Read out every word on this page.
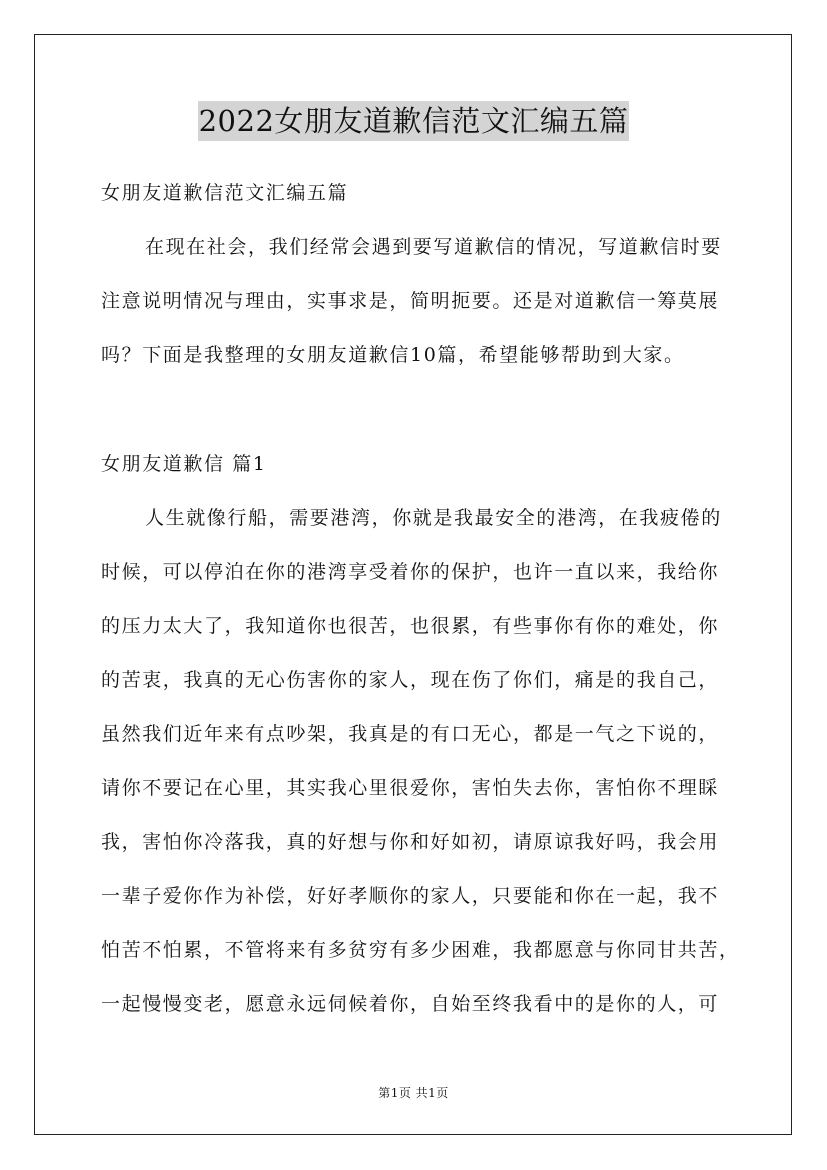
2022女朋友道歉信范文汇编五篇

女朋友道歉信范文汇编五篇

在现在社会，我们经常会遇到要写道歉信的情况，写道歉信时要

注意说明情况与理由，实事求是，简明扼要。还是对道歉信一筹莫展

吗？下面是我整理的女朋友道歉信10篇，希望能够帮助到大家。

女朋友道歉信 篇1

人生就像行船，需要港湾，你就是我最安全的港湾，在我疲倦的

时候，可以停泊在你的港湾享受着你的保护，也许一直以来，我给你

的压力太大了，我知道你也很苦，也很累，有些事你有你的难处，你

的苦衷，我真的无心伤害你的家人，现在伤了你们，痛是的我自己，

虽然我们近年来有点吵架，我真是的有口无心，都是一气之下说的，

请你不要记在心里，其实我心里很爱你，害怕失去你，害怕你不理睬

我，害怕你冷落我，真的好想与你和好如初，请原谅我好吗，我会用

一辈子爱你作为补偿，好好孝顺你的家人，只要能和你在一起，我不

怕苦不怕累，不管将来有多贫穷有多少困难，我都愿意与你同甘共苦，

一起慢慢变老，愿意永远伺候着你，自始至终我看中的是你的人，可

第1页 共1页
